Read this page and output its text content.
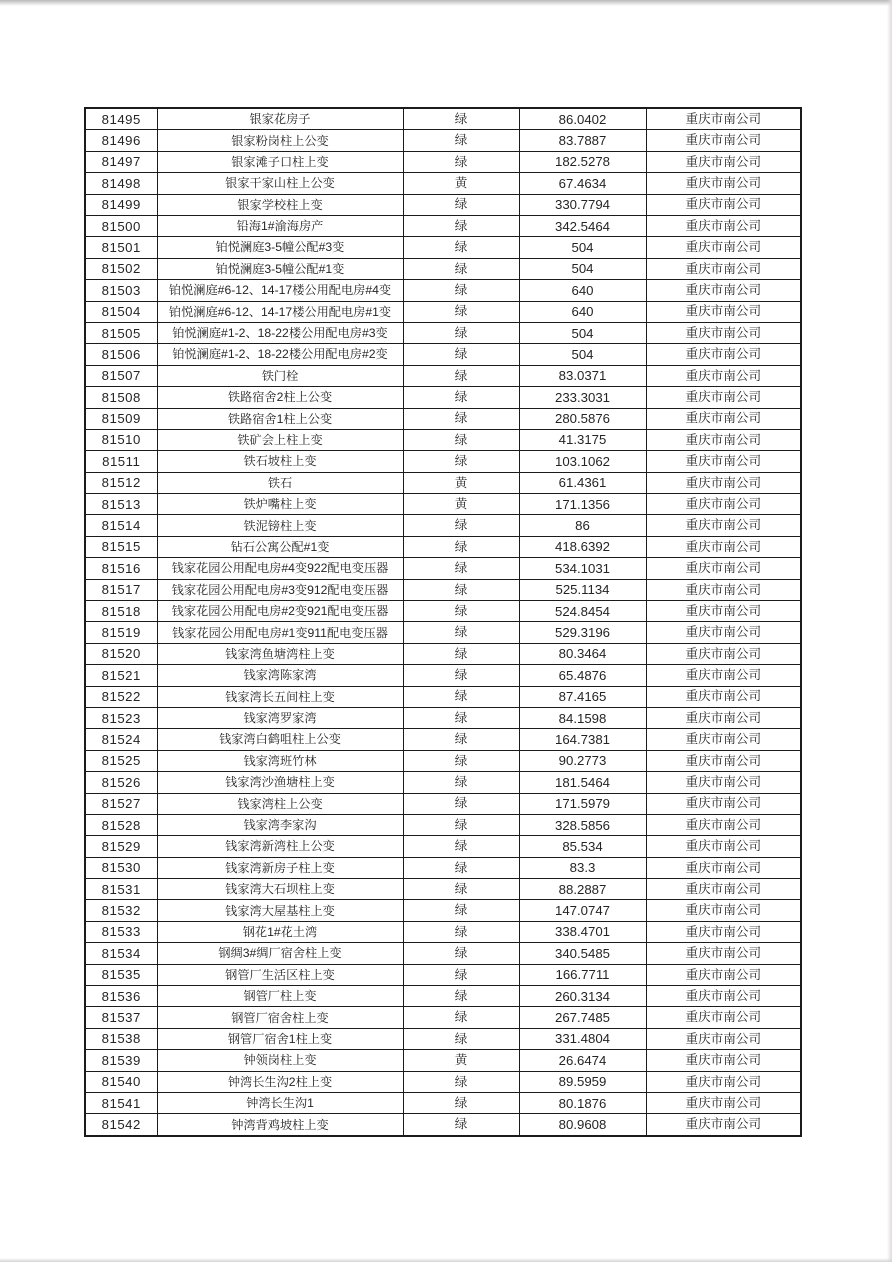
81495	银家花房子	绿	86.0402	重庆市南公司
81496	银家粉岗柱上公变	绿	83.7887	重庆市南公司
81497	银家滩子口柱上变	绿	182.5278	重庆市南公司
81498	银家干家山柱上公变	黄	67.4634	重庆市南公司
81499	银家学校柱上变	绿	330.7794	重庆市南公司
81500	铅海1#渝海房产	绿	342.5464	重庆市南公司
81501	铂悦澜庭3-5幢公配#3变	绿	504	重庆市南公司
81502	铂悦澜庭3-5幢公配#1变	绿	504	重庆市南公司
81503	铂悦澜庭#6-12、14-17楼公用配电房#4变	绿	640	重庆市南公司
81504	铂悦澜庭#6-12、14-17楼公用配电房#1变	绿	640	重庆市南公司
81505	铂悦澜庭#1-2、18-22楼公用配电房#3变	绿	504	重庆市南公司
81506	铂悦澜庭#1-2、18-22楼公用配电房#2变	绿	504	重庆市南公司
81507	铁门栓	绿	83.0371	重庆市南公司
81508	铁路宿舍2柱上公变	绿	233.3031	重庆市南公司
81509	铁路宿舍1柱上公变	绿	280.5876	重庆市南公司
81510	铁矿会上柱上变	绿	41.3175	重庆市南公司
81511	铁石坡柱上变	绿	103.1062	重庆市南公司
81512	铁石	黄	61.4361	重庆市南公司
81513	铁炉嘴柱上变	黄	171.1356	重庆市南公司
81514	铁泥镑柱上变	绿	86	重庆市南公司
81515	钻石公寓公配#1变	绿	418.6392	重庆市南公司
81516	钱家花园公用配电房#4变922配电变压器	绿	534.1031	重庆市南公司
81517	钱家花园公用配电房#3变912配电变压器	绿	525.1134	重庆市南公司
81518	钱家花园公用配电房#2变921配电变压器	绿	524.8454	重庆市南公司
81519	钱家花园公用配电房#1变911配电变压器	绿	529.3196	重庆市南公司
81520	钱家湾鱼塘湾柱上变	绿	80.3464	重庆市南公司
81521	钱家湾陈家湾	绿	65.4876	重庆市南公司
81522	钱家湾长五间柱上变	绿	87.4165	重庆市南公司
81523	钱家湾罗家湾	绿	84.1598	重庆市南公司
81524	钱家湾白鹤咀柱上公变	绿	164.7381	重庆市南公司
81525	钱家湾班竹林	绿	90.2773	重庆市南公司
81526	钱家湾沙渔塘柱上变	绿	181.5464	重庆市南公司
81527	钱家湾柱上公变	绿	171.5979	重庆市南公司
81528	钱家湾李家沟	绿	328.5856	重庆市南公司
81529	钱家湾新湾柱上公变	绿	85.534	重庆市南公司
81530	钱家湾新房子柱上变	绿	83.3	重庆市南公司
81531	钱家湾大石坝柱上变	绿	88.2887	重庆市南公司
81532	钱家湾大屋基柱上变	绿	147.0747	重庆市南公司
81533	钢花1#花土湾	绿	338.4701	重庆市南公司
81534	钢绸3#绸厂宿舍柱上变	绿	340.5485	重庆市南公司
81535	钢管厂生活区柱上变	绿	166.7711	重庆市南公司
81536	钢管厂柱上变	绿	260.3134	重庆市南公司
81537	钢管厂宿舍柱上变	绿	267.7485	重庆市南公司
81538	钢管厂宿舍1柱上变	绿	331.4804	重庆市南公司
81539	钟领岗柱上变	黄	26.6474	重庆市南公司
81540	钟湾长生沟2柱上变	绿	89.5959	重庆市南公司
81541	钟湾长生沟1	绿	80.1876	重庆市南公司
81542	钟湾背鸡坡柱上变	绿	80.9608	重庆市南公司
